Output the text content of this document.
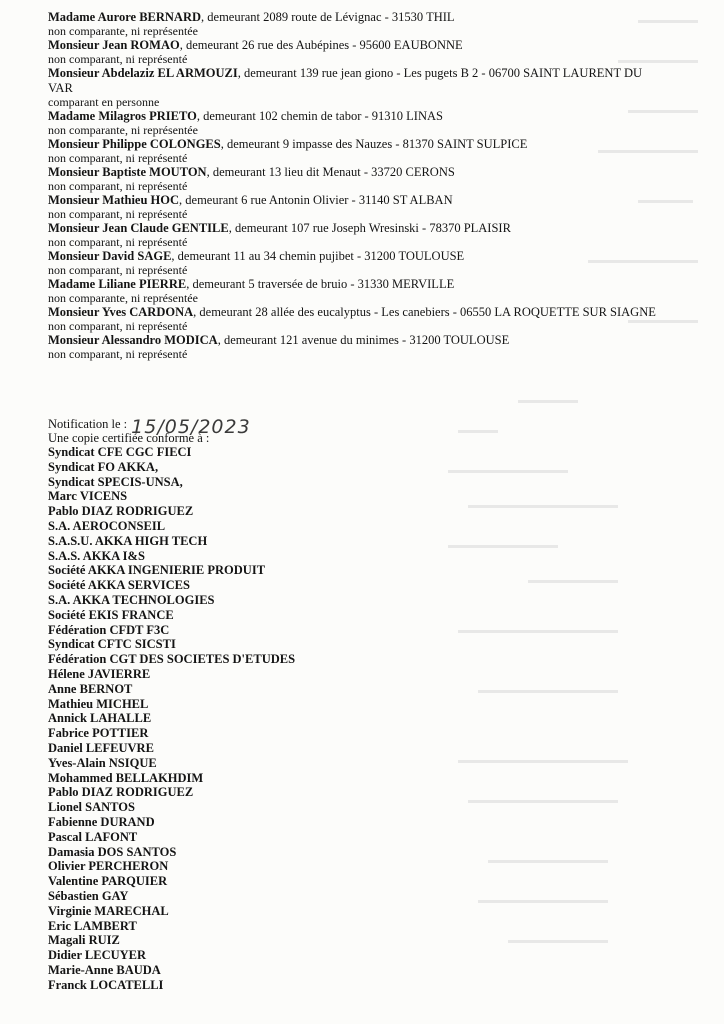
Madame Aurore BERNARD, demeurant 2089 route de Lévignac - 31530 THIL
non comparante, ni représentée
Monsieur Jean ROMAO, demeurant 26 rue des Aubépines - 95600 EAUBONNE
non comparant, ni représenté
Monsieur Abdelaziz EL ARMOUZI, demeurant 139 rue jean giono - Les pugets B 2 - 06700 SAINT LAURENT DU VAR
comparant en personne
Madame Milagros PRIETO, demeurant 102 chemin de tabor - 91310 LINAS
non comparante, ni représentée
Monsieur Philippe COLONGES, demeurant 9 impasse des Nauzes - 81370 SAINT SULPICE
non comparant, ni représenté
Monsieur Baptiste MOUTON, demeurant 13 lieu dit Menaut - 33720 CERONS
non comparant, ni représenté
Monsieur Mathieu HOC, demeurant 6 rue Antonin Olivier - 31140 ST ALBAN
non comparant, ni représenté
Monsieur Jean Claude GENTILE, demeurant 107 rue Joseph Wresinski - 78370 PLAISIR
non comparant, ni représenté
Monsieur David SAGE, demeurant 11 au 34 chemin pujibet - 31200 TOULOUSE
non comparant, ni représenté
Madame Liliane PIERRE, demeurant 5 traversée de bruio - 31330 MERVILLE
non comparante, ni représentée
Monsieur Yves CARDONA, demeurant 28 allée des eucalyptus - Les canebiers - 06550 LA ROQUETTE SUR SIAGNE
non comparant, ni représenté
Monsieur Alessandro MODICA, demeurant 121 avenue du minimes - 31200 TOULOUSE
non comparant, ni représenté
Notification le : 15/05/2023
Une copie certifiée conforme à :
Syndicat CFE CGC FIECI
Syndicat FO AKKA,
Syndicat SPECIS-UNSA,
Marc VICENS
Pablo DIAZ RODRIGUEZ
S.A. AEROCONSEIL
S.A.S.U. AKKA HIGH TECH
S.A.S. AKKA I&S
Société AKKA INGENIERIE PRODUIT
Société AKKA SERVICES
S.A. AKKA TECHNOLOGIES
Société EKIS FRANCE
Fédération CFDT F3C
Syndicat CFTC SICSTI
Fédération CGT DES SOCIETES D'ETUDES
Hélene JAVIERRE
Anne BERNOT
Mathieu MICHEL
Annick LAHALLE
Fabrice POTTIER
Daniel LEFEUVRE
Yves-Alain NSIQUE
Mohammed BELLAKHDIM
Pablo DIAZ RODRIGUEZ
Lionel SANTOS
Fabienne DURAND
Pascal LAFONT
Damasia DOS SANTOS
Olivier PERCHERON
Valentine PARQUIER
Sébastien GAY
Virginie MARECHAL
Eric LAMBERT
Magali RUIZ
Didier LECUYER
Marie-Anne BAUDA
Franck LOCATELLI
